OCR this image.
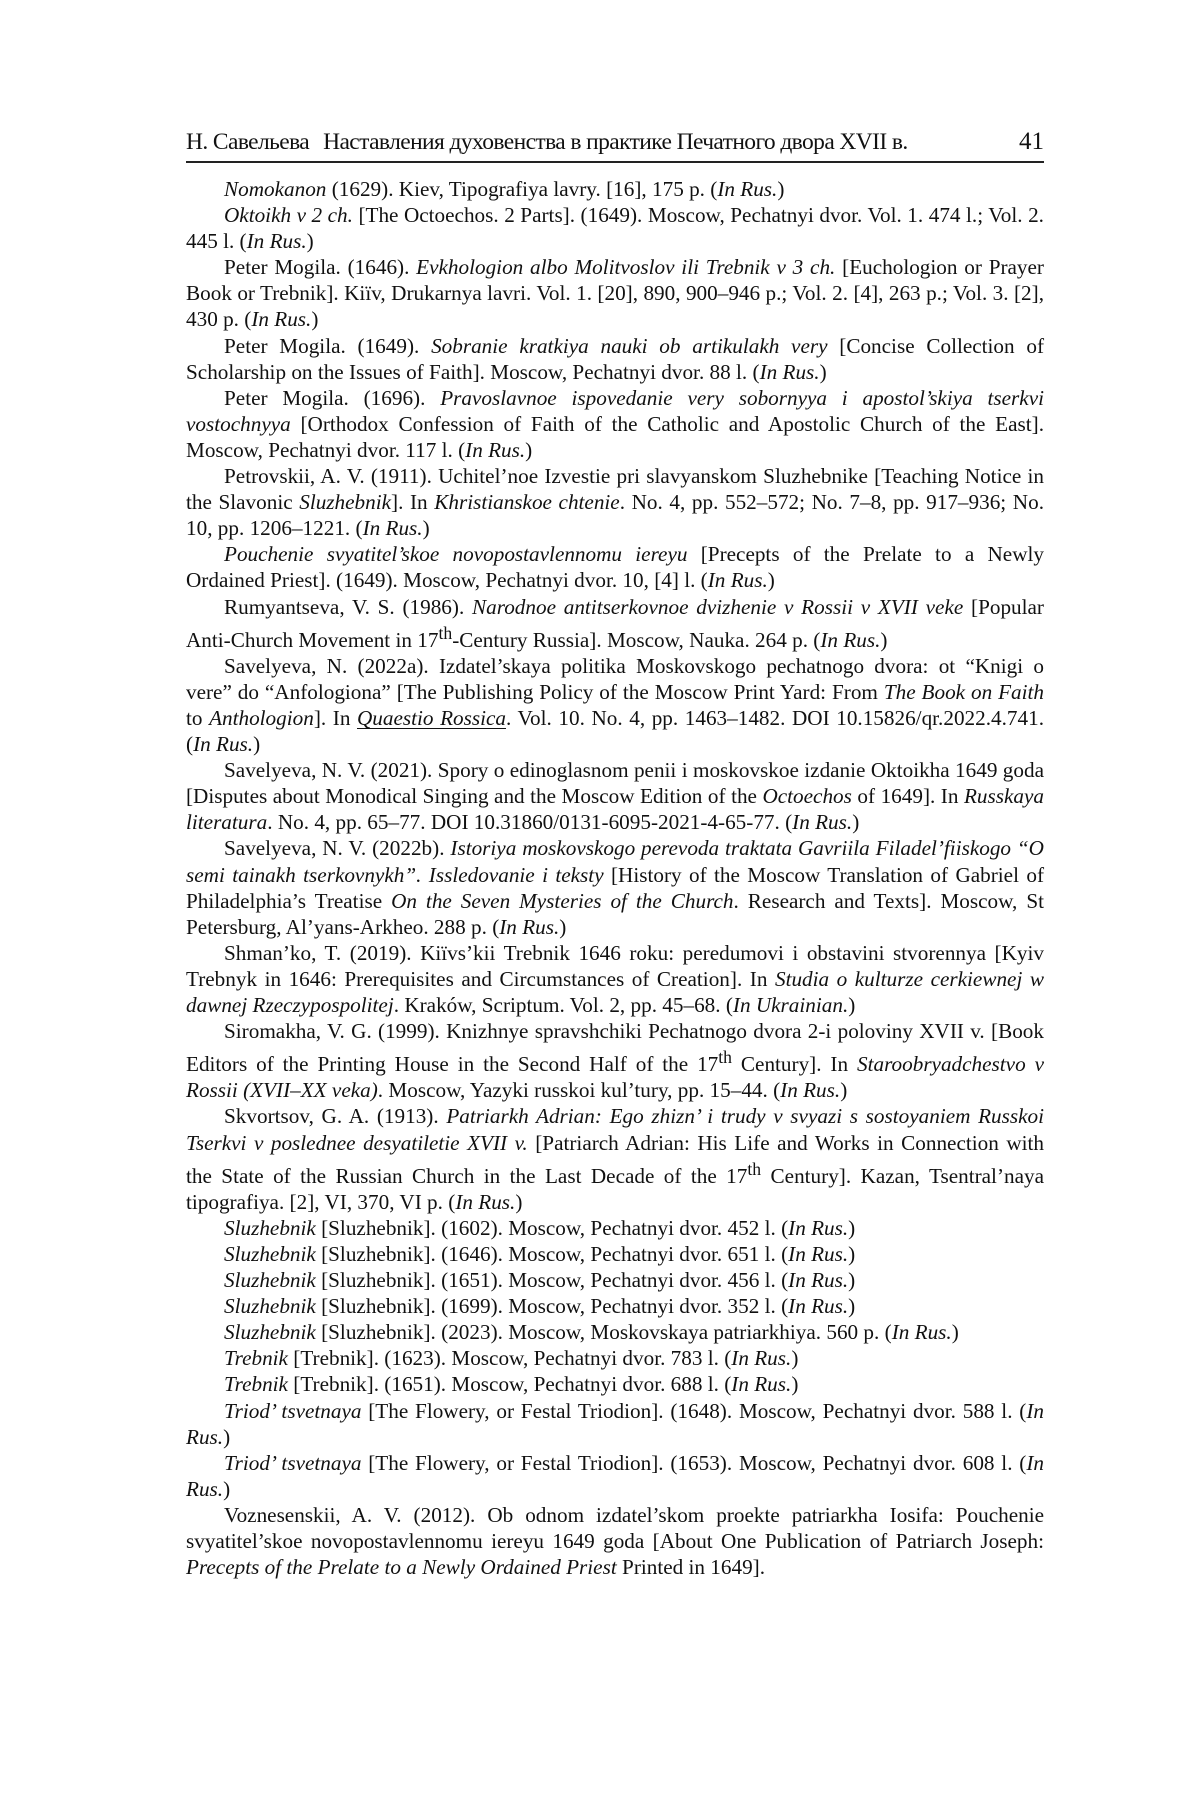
Н. Савельева Наставления духовенства в практике Печатного двора XVII в.	41

Nomokanon (1629). Kiev, Tipografiya lavry. [16], 175 p. (In Rus.)

Oktoikh v 2 ch. [The Octoechos. 2 Parts]. (1649). Moscow, Pechatnyi dvor. Vol. 1. 474 l.; Vol. 2. 445 l. (In Rus.)

Peter Mogila. (1646). Evkhologion albo Molitvoslov ili Trebnik v 3 ch. [Euchologion or Prayer Book or Trebnik]. Kiïv, Drukarnya lavri. Vol. 1. [20], 890, 900–946 p.; Vol. 2. [4], 263 p.; Vol. 3. [2], 430 p. (In Rus.)

Peter Mogila. (1649). Sobranie kratkiya nauki ob artikulakh very [Concise Collection of Scholarship on the Issues of Faith]. Moscow, Pechatnyi dvor. 88 l. (In Rus.)

Peter Mogila. (1696). Pravoslavnoe ispovedanie very sobornyya i apostol’skiya tserkvi vostochnyya [Orthodox Confession of Faith of the Catholic and Apostolic Church of the East]. Moscow, Pechatnyi dvor. 117 l. (In Rus.)

Petrovskii, A. V. (1911). Uchitel’noe Izvestie pri slavyanskom Sluzhebnike [Teaching Notice in the Slavonic Sluzhebnik]. In Khristianskoe chtenie. No. 4, pp. 552–572; No. 7–8, pp. 917–936; No. 10, pp. 1206–1221. (In Rus.)

Pouchenie svyatitel’skoe novopostavlennomu iereyu [Precepts of the Prelate to a Newly Ordained Priest]. (1649). Moscow, Pechatnyi dvor. 10, [4] l. (In Rus.)

Rumyantseva, V. S. (1986). Narodnoe antitserkovnoe dvizhenie v Rossii v XVII veke [Popular Anti-Church Movement in 17th-Century Russia]. Moscow, Nauka. 264 p. (In Rus.)

Savelyeva, N. (2022a). Izdatel’skaya politika Moskovskogo pechatnogo dvora: ot “Knigi o vere” do “Anfologiona” [The Publishing Policy of the Moscow Print Yard: From The Book on Faith to Anthologion]. In Quaestio Rossica. Vol. 10. No. 4, pp. 1463–1482. DOI 10.15826/qr.2022.4.741. (In Rus.)

Savelyeva, N. V. (2021). Spory o edinoglasnom penii i moskovskoe izdanie Oktoikha 1649 goda [Disputes about Monodical Singing and the Moscow Edition of the Octoechos of 1649]. In Russkaya literatura. No. 4, pp. 65–77. DOI 10.31860/0131-6095-2021-4-65-77. (In Rus.)

Savelyeva, N. V. (2022b). Istoriya moskovskogo perevoda traktata Gavriila Filadel’fiiskogo “O semi tainakh tserkovnykh”. Issledovanie i teksty [History of the Moscow Translation of Gabriel of Philadelphia’s Treatise On the Seven Mysteries of the Church. Research and Texts]. Moscow, St Petersburg, Al’yans-Arkheo. 288 p. (In Rus.)

Shman’ko, T. (2019). Kiïvs’kii Trebnik 1646 roku: peredumovi i obstavini stvorennya [Kyiv Trebnyk in 1646: Prerequisites and Circumstances of Creation]. In Studia o kulturze cerkiewnej w dawnej Rzeczypospolitej. Kraków, Scriptum. Vol. 2, pp. 45–68. (In Ukrainian.)

Siromakha, V. G. (1999). Knizhnye spravshchiki Pechatnogo dvora 2-i poloviny XVII v. [Book Editors of the Printing House in the Second Half of the 17th Century]. In Staroobryadchestvo v Rossii (XVII–XX veka). Moscow, Yazyki russkoi kul’tury, pp. 15–44. (In Rus.)

Skvortsov, G. A. (1913). Patriarkh Adrian: Ego zhizn’ i trudy v svyazi s sostoyaniem Russkoi Tserkvi v poslednee desyatiletie XVII v. [Patriarch Adrian: His Life and Works in Connection with the State of the Russian Church in the Last Decade of the 17th Century]. Kazan, Tsentral’naya tipografiya. [2], VI, 370, VI p. (In Rus.)

Sluzhebnik [Sluzhebnik]. (1602). Moscow, Pechatnyi dvor. 452 l. (In Rus.)

Sluzhebnik [Sluzhebnik]. (1646). Moscow, Pechatnyi dvor. 651 l. (In Rus.)

Sluzhebnik [Sluzhebnik]. (1651). Moscow, Pechatnyi dvor. 456 l. (In Rus.)

Sluzhebnik [Sluzhebnik]. (1699). Moscow, Pechatnyi dvor. 352 l. (In Rus.)

Sluzhebnik [Sluzhebnik]. (2023). Moscow, Moskovskaya patriarkhiya. 560 p. (In Rus.)

Trebnik [Trebnik]. (1623). Moscow, Pechatnyi dvor. 783 l. (In Rus.)

Trebnik [Trebnik]. (1651). Moscow, Pechatnyi dvor. 688 l. (In Rus.)

Triod’ tsvetnaya [The Flowery, or Festal Triodion]. (1648). Moscow, Pechatnyi dvor. 588 l. (In Rus.)

Triod’ tsvetnaya [The Flowery, or Festal Triodion]. (1653). Moscow, Pechatnyi dvor. 608 l. (In Rus.)

Voznesenskii, A. V. (2012). Ob odnom izdatel’skom proekte patriarkha Iosifa: Pouchenie svyatitel’skoe novopostavlennomu iereyu 1649 goda [About One Publication of Patriarch Joseph: Precepts of the Prelate to a Newly Ordained Priest Printed in 1649].
